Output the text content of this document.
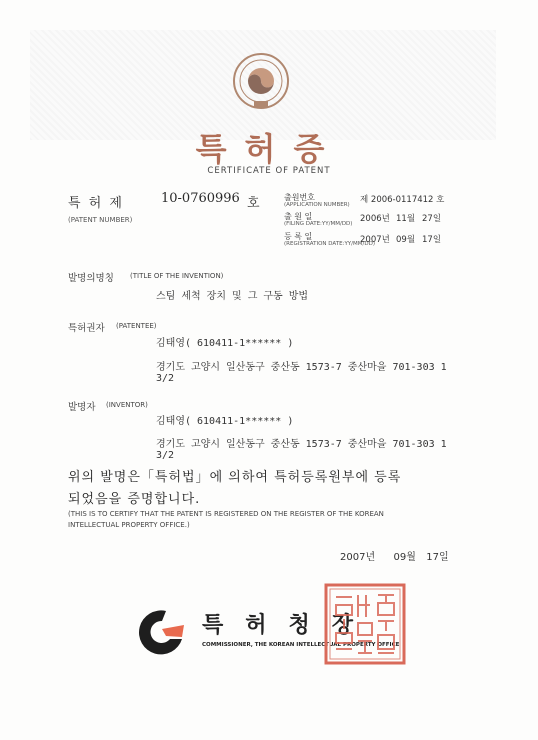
특허증
CERTIFICATE OF PATENT
특 허 제	10-0760996 호
(PATENT NUMBER)
출원번호
(APPLICATION NUMBER) 제 2006-0117412 호
출 원 일
(FILING DATE:YY/MM/DD) 2006년 11월 27일
등 록 일
(REGISTRATION DATE:YY/MM/DD)
2007년 09월 17일
발명의명칭 (TITLE OF THE INVENTION)
스팀 세척 장치 및 그 구동 방법
특허권자 (PATENTEE)
김태영( 610411-1****** )
경기도 고양시 일산동구 중산동 1573-7 중산마을 701-303 1
3/2
발명자 (INVENTOR)
김태영( 610411-1****** )
경기도 고양시 일산동구 중산동 1573-7 중산마을 701-303 1
3/2
위의 발명은「특허법」에 의하여 특허등록원부에 등록
되었음을 증명합니다.
(THIS IS TO CERTIFY THAT THE PATENT IS REGISTERED ON THE REGISTER OF THE KOREAN
INTELLECTUAL PROPERTY OFFICE.)
2007년 09월 17일
특허청장
COMMISSIONER, THE KOREAN INTELLECTUAL PROPERTY OFFICE
